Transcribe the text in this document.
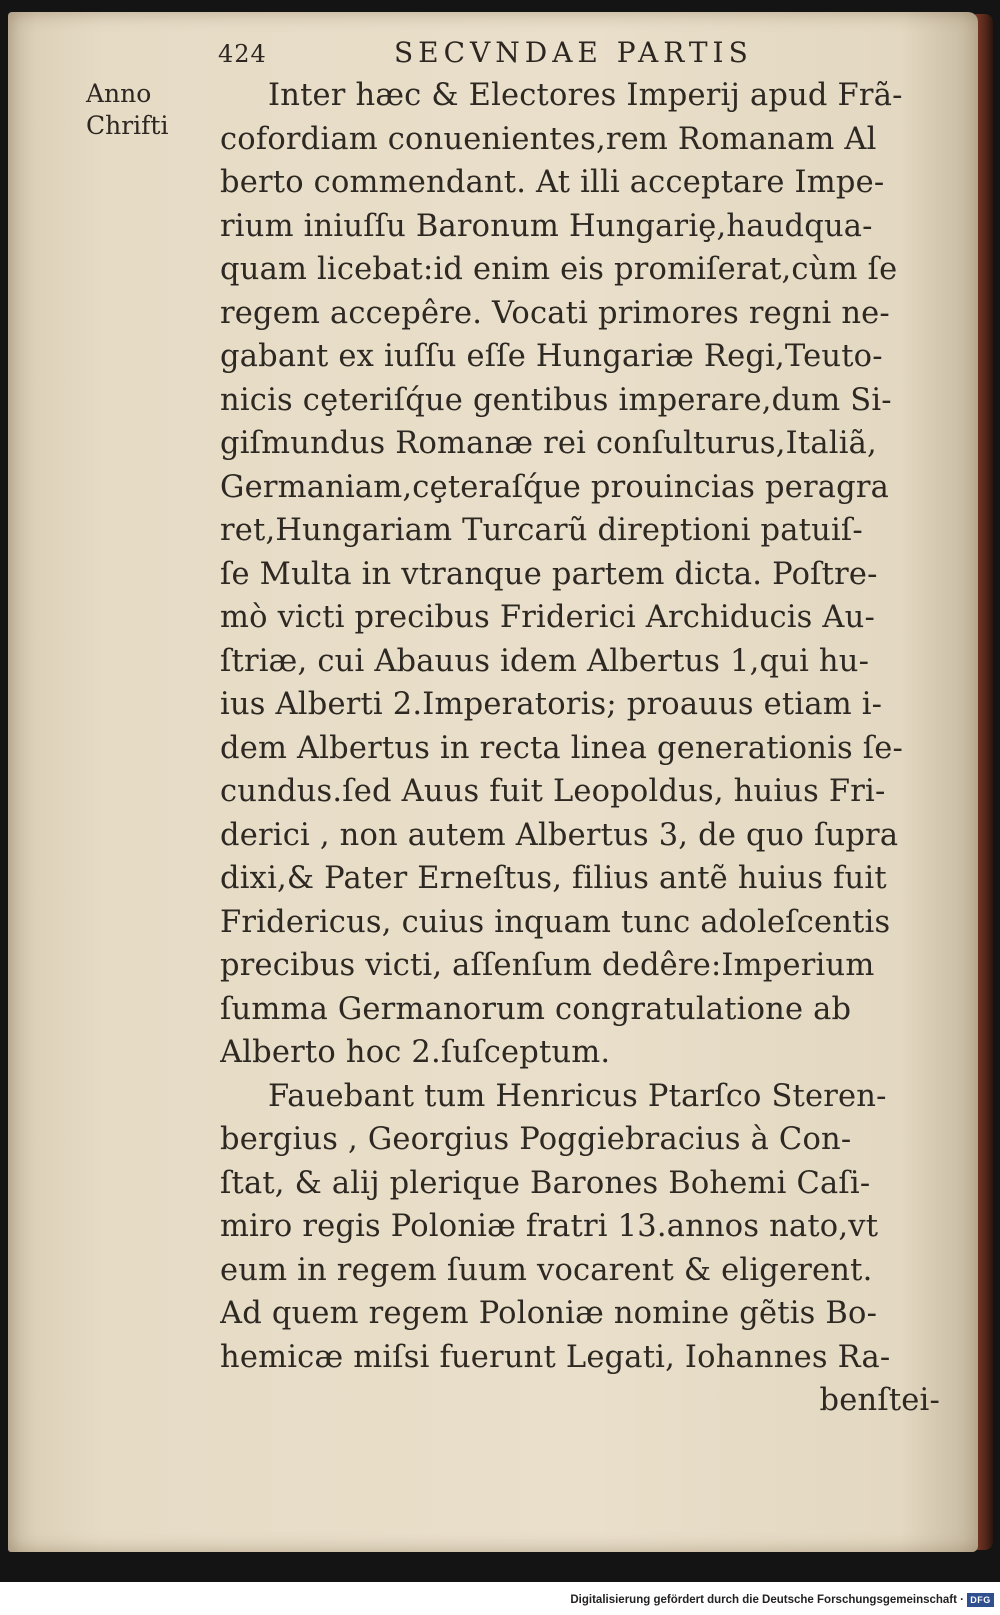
424	SECVNDAE PARTIS
Anno
Chrifti
Inter hæc & Electores Imperij apud Frã-
cofordiam conuenientes,rem Romanam Al
berto commendant. At illi acceptare Impe-
rium iniuſſu Baronum Hungariȩ,haudqua-
quam licebat:id enim eis promiſerat,cùm ſe
regem accepêre. Vocati primores regni ne-
gabant ex iuſſu eſſe Hungariæ Regi,Teuto-
nicis cȩteriſq́ue gentibus imperare,dum Si-
giſmundus Romanæ rei conſulturus,Italiã,
Germaniam,cȩteraſq́ue prouincias peragra
ret,Hungariam Turcarũ direptioni patuiſ-
ſe Multa in vtranque partem dicta. Poſtre-
mò victi precibus Friderici Archiducis Au-
ſtriæ, cui Abauus idem Albertus 1,qui hu-
ius Alberti 2.Imperatoris; proauus etiam i-
dem Albertus in recta linea generationis ſe-
cundus.ſed Auus fuit Leopoldus, huius Fri-
derici , non autem Albertus 3, de quo ſupra
dixi,& Pater Erneſtus, filius antẽ huius fuit
Fridericus, cuius inquam tunc adoleſcentis
precibus victi, aſſenſum dedêre:Imperium
ſumma Germanorum congratulatione ab
Alberto hoc 2.ſuſceptum.
Fauebant tum Henricus Ptarſco Steren-
bergius , Georgius Poggiebracius à Con-
ſtat, & alij plerique Barones Bohemi Caſi-
miro regis Poloniæ fratri 13.annos nato,vt
eum in regem ſuum vocarent & eligerent.
Ad quem regem Poloniæ nomine gẽtis Bo-
hemicæ miſsi fuerunt Legati, Iohannes Ra-
benſtei-
Digitalisierung gefördert durch die Deutsche Forschungsgemeinschaft · DFG
